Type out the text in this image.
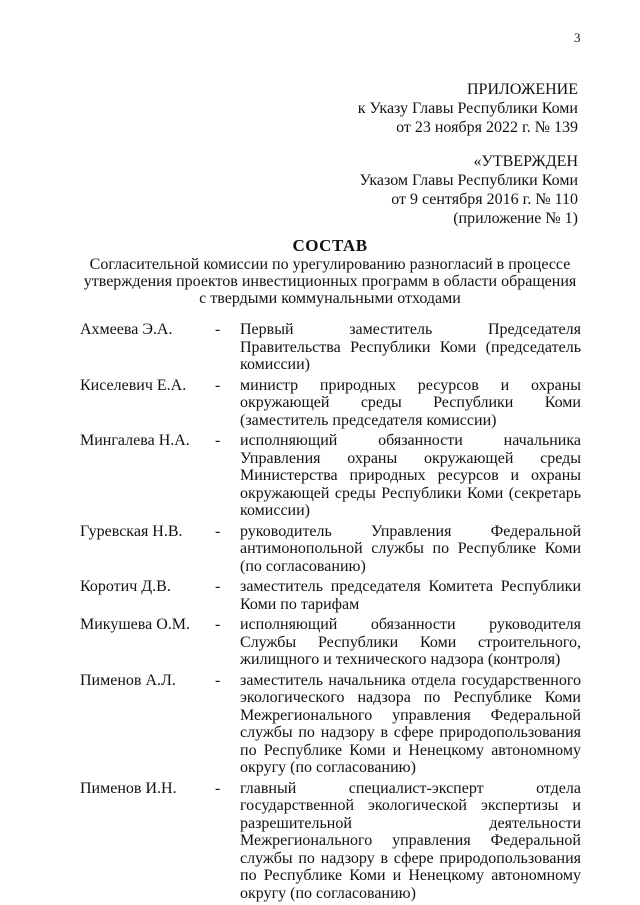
3
ПРИЛОЖЕНИЕ
к Указу Главы Республики Коми
от 23 ноября 2022 г. № 139
«УТВЕРЖДЕН
Указом Главы Республики Коми
от 9 сентября 2016 г. № 110
(приложение № 1)
СОСТАВ
Согласительной комиссии по урегулированию разногласий в процессе
утверждения проектов инвестиционных программ в области обращения
с твердыми коммунальными отходами
Ахмеева Э.А.	-	Первый заместитель Председателя Правительства Республики Коми (председатель комиссии)
Киселевич Е.А.	-	министр природных ресурсов и охраны окружающей среды Республики Коми (заместитель председателя комиссии)
Мингалева Н.А.	-	исполняющий обязанности начальника Управления охраны окружающей среды Министерства природных ресурсов и охраны окружающей среды Республики Коми (секретарь комиссии)
Гуревская Н.В.	-	руководитель Управления Федеральной антимонопольной службы по Республике Коми (по согласованию)
Коротич Д.В.	-	заместитель председателя Комитета Республики Коми по тарифам
Микушева О.М.	-	исполняющий обязанности руководителя Службы Республики Коми строительного, жилищного и технического надзора (контроля)
Пименов А.Л.	-	заместитель начальника отдела государственного экологического надзора по Республике Коми Межрегионального управления Федеральной службы по надзору в сфере природопользования по Республике Коми и Ненецкому автономному округу (по согласованию)
Пименов И.Н.	-	главный специалист-эксперт отдела государственной экологической экспертизы и разрешительной деятельности Межрегионального управления Федеральной службы по надзору в сфере природопользования по Республике Коми и Ненецкому автономному округу (по согласованию)
